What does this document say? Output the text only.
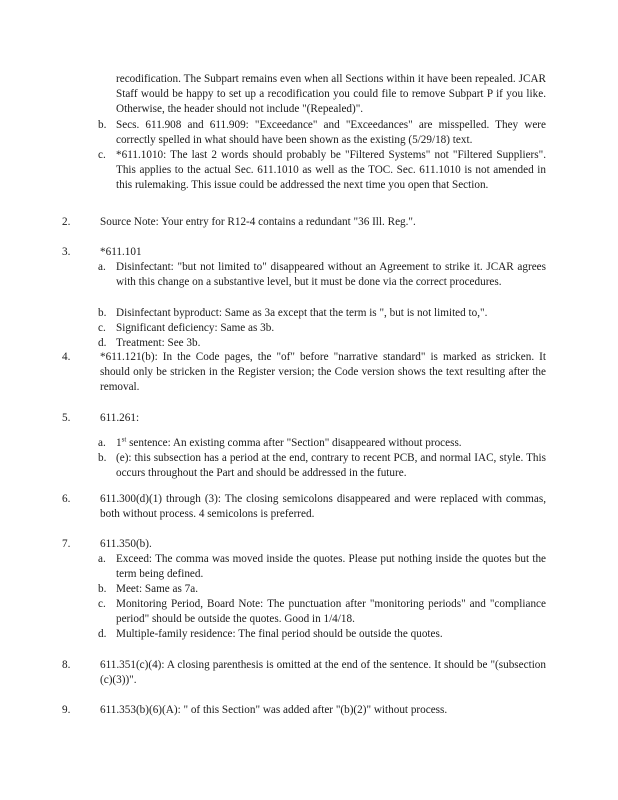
recodification. The Subpart remains even when all Sections within it have been repealed. JCAR Staff would be happy to set up a recodification you could file to remove Subpart P if you like. Otherwise, the header should not include "(Repealed)".
b. Secs. 611.908 and 611.909: "Exceedance" and "Exceedances" are misspelled. They were correctly spelled in what should have been shown as the existing (5/29/18) text.
c. *611.1010: The last 2 words should probably be "Filtered Systems" not "Filtered Suppliers". This applies to the actual Sec. 611.1010 as well as the TOC. Sec. 611.1010 is not amended in this rulemaking. This issue could be addressed the next time you open that Section.
2.	Source Note: Your entry for R12-4 contains a redundant "36 Ill. Reg.".
3.	*611.101
a. Disinfectant: "but not limited to" disappeared without an Agreement to strike it. JCAR agrees with this change on a substantive level, but it must be done via the correct procedures.
b. Disinfectant byproduct: Same as 3a except that the term is ", but is not limited to,".
c. Significant deficiency: Same as 3b.
d. Treatment: See 3b.
4.	*611.121(b): In the Code pages, the "of" before "narrative standard" is marked as stricken. It should only be stricken in the Register version; the Code version shows the text resulting after the removal.
5.	611.261:
a. 1st sentence: An existing comma after "Section" disappeared without process.
b. (e): this subsection has a period at the end, contrary to recent PCB, and normal IAC, style. This occurs throughout the Part and should be addressed in the future.
6.	611.300(d)(1) through (3): The closing semicolons disappeared and were replaced with commas, both without process. 4 semicolons is preferred.
7.	611.350(b).
a. Exceed: The comma was moved inside the quotes. Please put nothing inside the quotes but the term being defined.
b. Meet: Same as 7a.
c. Monitoring Period, Board Note: The punctuation after "monitoring periods" and "compliance period" should be outside the quotes. Good in 1/4/18.
d. Multiple-family residence: The final period should be outside the quotes.
8.	611.351(c)(4): A closing parenthesis is omitted at the end of the sentence. It should be "(subsection (c)(3))".
9.	611.353(b)(6)(A): " of this Section" was added after "(b)(2)" without process.
